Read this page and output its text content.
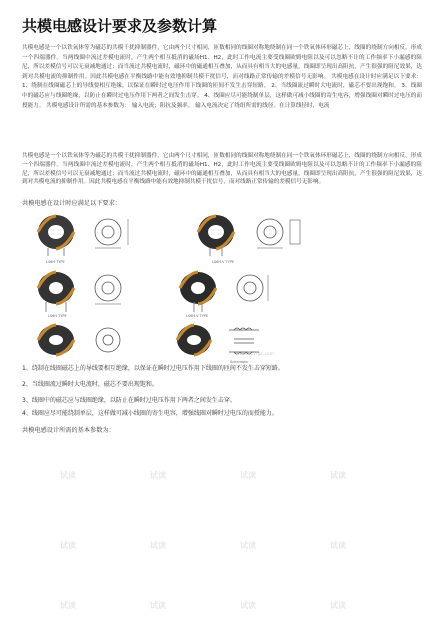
共模电感设计要求及参数计算
共模电感是一个以铁氧体等为磁芯的共模干扰抑制器件，它由两个尺寸相同，匝数相同的线圈对称地绕制在同一个铁氧体环形磁芯上，线圈的绕制方向相反，形成一个四端器件。当两线圈中流过差模电流时，产生两个相互抵消的磁场H1、H2，此时工作电流主要受线圈欧姆电阻以及可以忽略不计的工作频率下小漏感的阻尼，所以差模信号可以无衰减地通过；而当流过共模电流时，磁环中的磁通相互叠加，从而具有相当大的电感量，线圈即呈现出高阻抗，产生很强的阻尼效果，达到对共模电流的抑制作用。因此共模电感在平衡线路中能有效地抑制共模干扰信号，而对线路正常传输的差模信号无影响。 共模电感在设计时应满足以下要求： 1、绕制在线圈磁芯上的导线要相互绝缘，以保证在瞬时过电压作用下线圈的匝间不发生击穿短路。 2、当线圈流过瞬时大电流时，磁芯不要出现饱和。 3、线圈中的磁芯应与线圈绝缘，以防止在瞬时过电压作用下两者之间发生击穿。 4、线圈应尽可能绕制单层，这样做可减小线圈的寄生电容，增强线圈对瞬时过电压的而授能力。 共模电感设计所需的基本参数为： 输入电流；阻抗及频率。 输入电流决定了绕组所需的线径。在计算线径时，电流
共模电感是一个以铁氧体等为磁芯的共模干扰抑制器件，它由两个尺寸相同，匝数相同的线圈对称地绕制在同一个铁氧体环形磁芯上，线圈的绕制方向相反，形成一个四端器件。当两线圈中流过差模电流时，产生两个相互抵消的磁场H1、H2，此时工作电流主要受线圈欧姆电阻以及可以忽略不计的工作频率下小漏感的阻尼，所以差模信号可以无衰减地通过；而当流过共模电流时，磁环中的磁通相互叠加，从而具有相当大的电感量，线圈即呈现出高阻抗，产生很强的阻尼效果，达到对共模电流的抑制作用。因此共模电感在平衡线路中能有效地抑制共模干扰信号，而对线路正常传输的差模信号无影响。
共模电感在设计时应满足以下要求：
LS6H TYPE	LS6H-V TYPE
LS6H TYPE	LS6H-V TYPE
Schematic
www.iluyfgc.com
1、绕制在线圈磁芯上的导线要相互绝缘，以保证在瞬时过电压作用下线圈的匝间不发生击穿短路。
2、当线圈流过瞬时大电流时，磁芯不要出现饱和。
3、线圈中的磁芯应与线圈绝缘，以防止在瞬时过电压作用下两者之间发生击穿。
4、线圈应尽可能绕制单层，这样做可减小线圈的寄生电容，增强线圈对瞬时过电压的而授能力。
共模电感设计所需的基本参数为：
试读	试读	试读	试读
试读	试读	试读	试读
试读	试读	试读	试读
